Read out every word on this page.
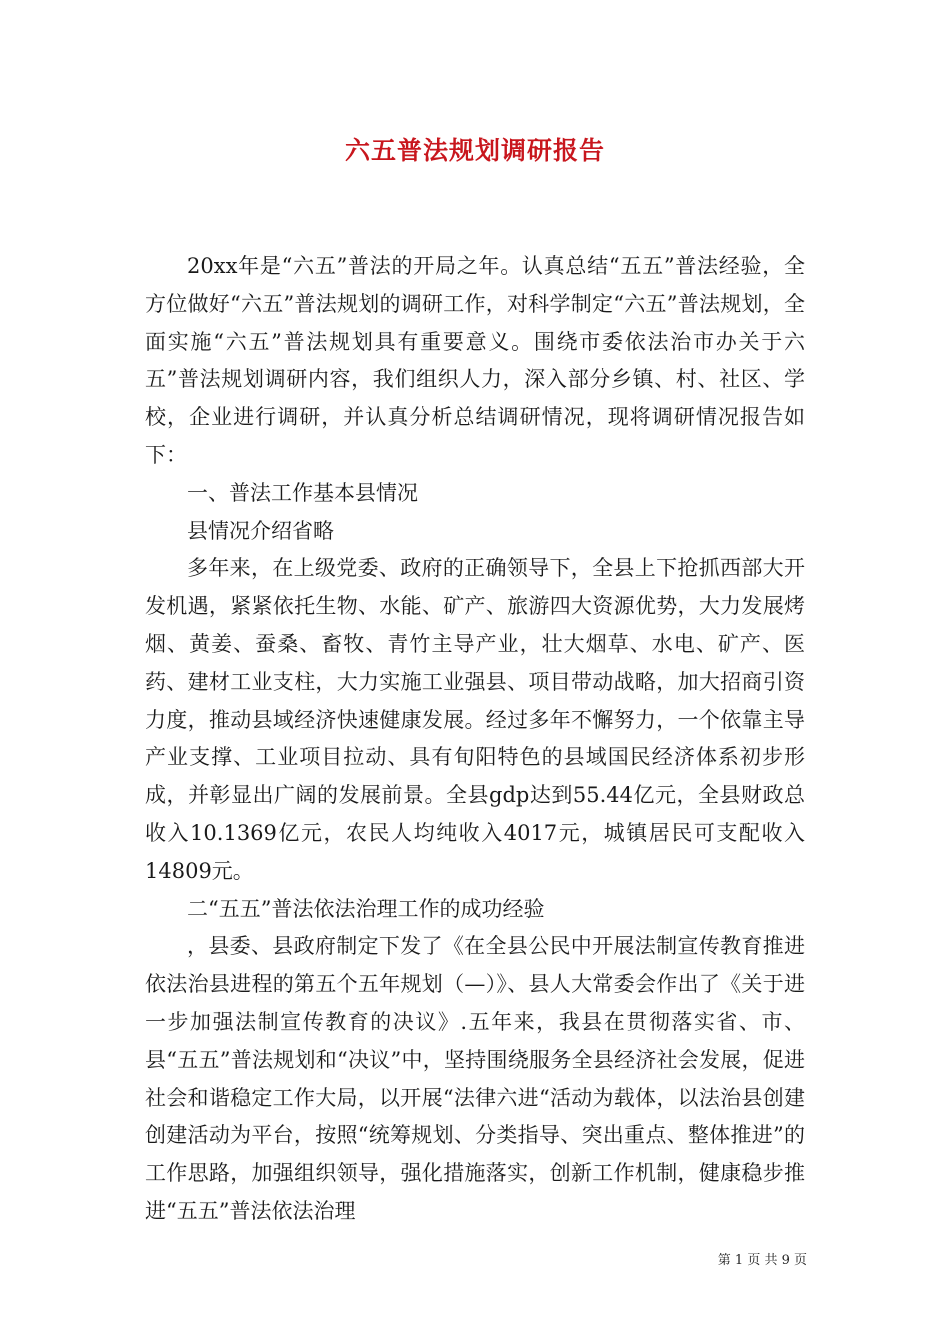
六五普法规划调研报告

20xx年是“六五”普法的开局之年。认真总结“五五”普法经验，全方位做好“六五”普法规划的调研工作，对科学制定“六五”普法规划，全面实施“六五”普法规划具有重要意义。围绕市委依法治市办关于六五”普法规划调研内容，我们组织人力，深入部分乡镇、村、社区、学校，企业进行调研，并认真分析总结调研情况，现将调研情况报告如下：

一、普法工作基本县情况

县情况介绍省略

多年来，在上级党委、政府的正确领导下，全县上下抢抓西部大开发机遇，紧紧依托生物、水能、矿产、旅游四大资源优势，大力发展烤烟、黄姜、蚕桑、畜牧、青竹主导产业，壮大烟草、水电、矿产、医药、建材工业支柱，大力实施工业强县、项目带动战略，加大招商引资力度，推动县域经济快速健康发展。经过多年不懈努力，一个依靠主导产业支撑、工业项目拉动、具有旬阳特色的县域国民经济体系初步形成，并彰显出广阔的发展前景。全县gdp达到55.44亿元，全县财政总收入10.1369亿元，农民人均纯收入4017元，城镇居民可支配收入14809元。

二“五五”普法依法治理工作的成功经验

，县委、县政府制定下发了《在全县公民中开展法制宣传教育推进依法治县进程的第五个五年规划（—）》、县人大常委会作出了《关于进一步加强法制宣传教育的决议》.五年来，我县在贯彻落实省、市、县“五五”普法规划和“决议”中，坚持围绕服务全县经济社会发展，促进社会和谐稳定工作大局，以开展“法律六进“活动为载体，以法治县创建创建活动为平台，按照“统筹规划、分类指导、突出重点、整体推进”的工作思路，加强组织领导，强化措施落实，创新工作机制，健康稳步推进“五五”普法依法治理

第 1 页 共 9 页
